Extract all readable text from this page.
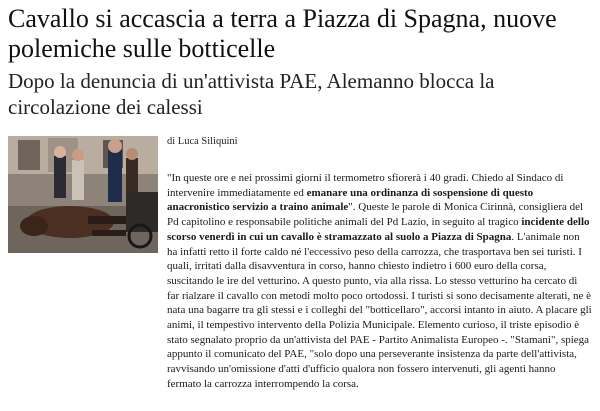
Cavallo si accascia a terra a Piazza di Spagna, nuove polemiche sulle botticelle
Dopo la denuncia di un'attivista PAE, Alemanno blocca la circolazione dei calessi
di Luca Siliquini

"In queste ore e nei prossimi giorni il termometro sfiorerà i 40 gradi. Chiedo al Sindaco di intervenire immediatamente ed emanare una ordinanza di sospensione di questo anacronistico servizio a traino animale". Queste le parole di Monica Cirinnà, consigliera del Pd capitolino e responsabile politiche animali del Pd Lazio, in seguito al tragico incidente dello scorso venerdì in cui un cavallo è stramazzato al suolo a Piazza di Spagna. L'animale non ha infatti retto il forte caldo né l'eccessivo peso della carrozza, che trasportava ben sei turisti. I quali, irritati dalla disavventura in corso, hanno chiesto indietro i 600 euro della corsa, suscitando le ire del vetturino. A questo punto, via alla rissa. Lo stesso vetturino ha cercato di far rialzare il cavallo con metodi molto poco ortodossi. I turisti si sono decisamente alterati, ne è nata una bagarre tra gli stessi e i colleghi del "botticellaro", accorsi intanto in aiuto. A placare gli animi, il tempestivo intervento della Polizia Municipale. Elemento curioso, il triste episodio è stato segnalato proprio da un'attivista del PAE - Partito Animalista Europeo -. "Stamani", spiega appunto il comunicato del PAE, "solo dopo una perseverante insistenza da parte dell'attivista, ravvisando un'omissione d'atti d'ufficio qualora non fossero intervenuti, gli agenti hanno fermato la carrozza interrompendo la corsa.
